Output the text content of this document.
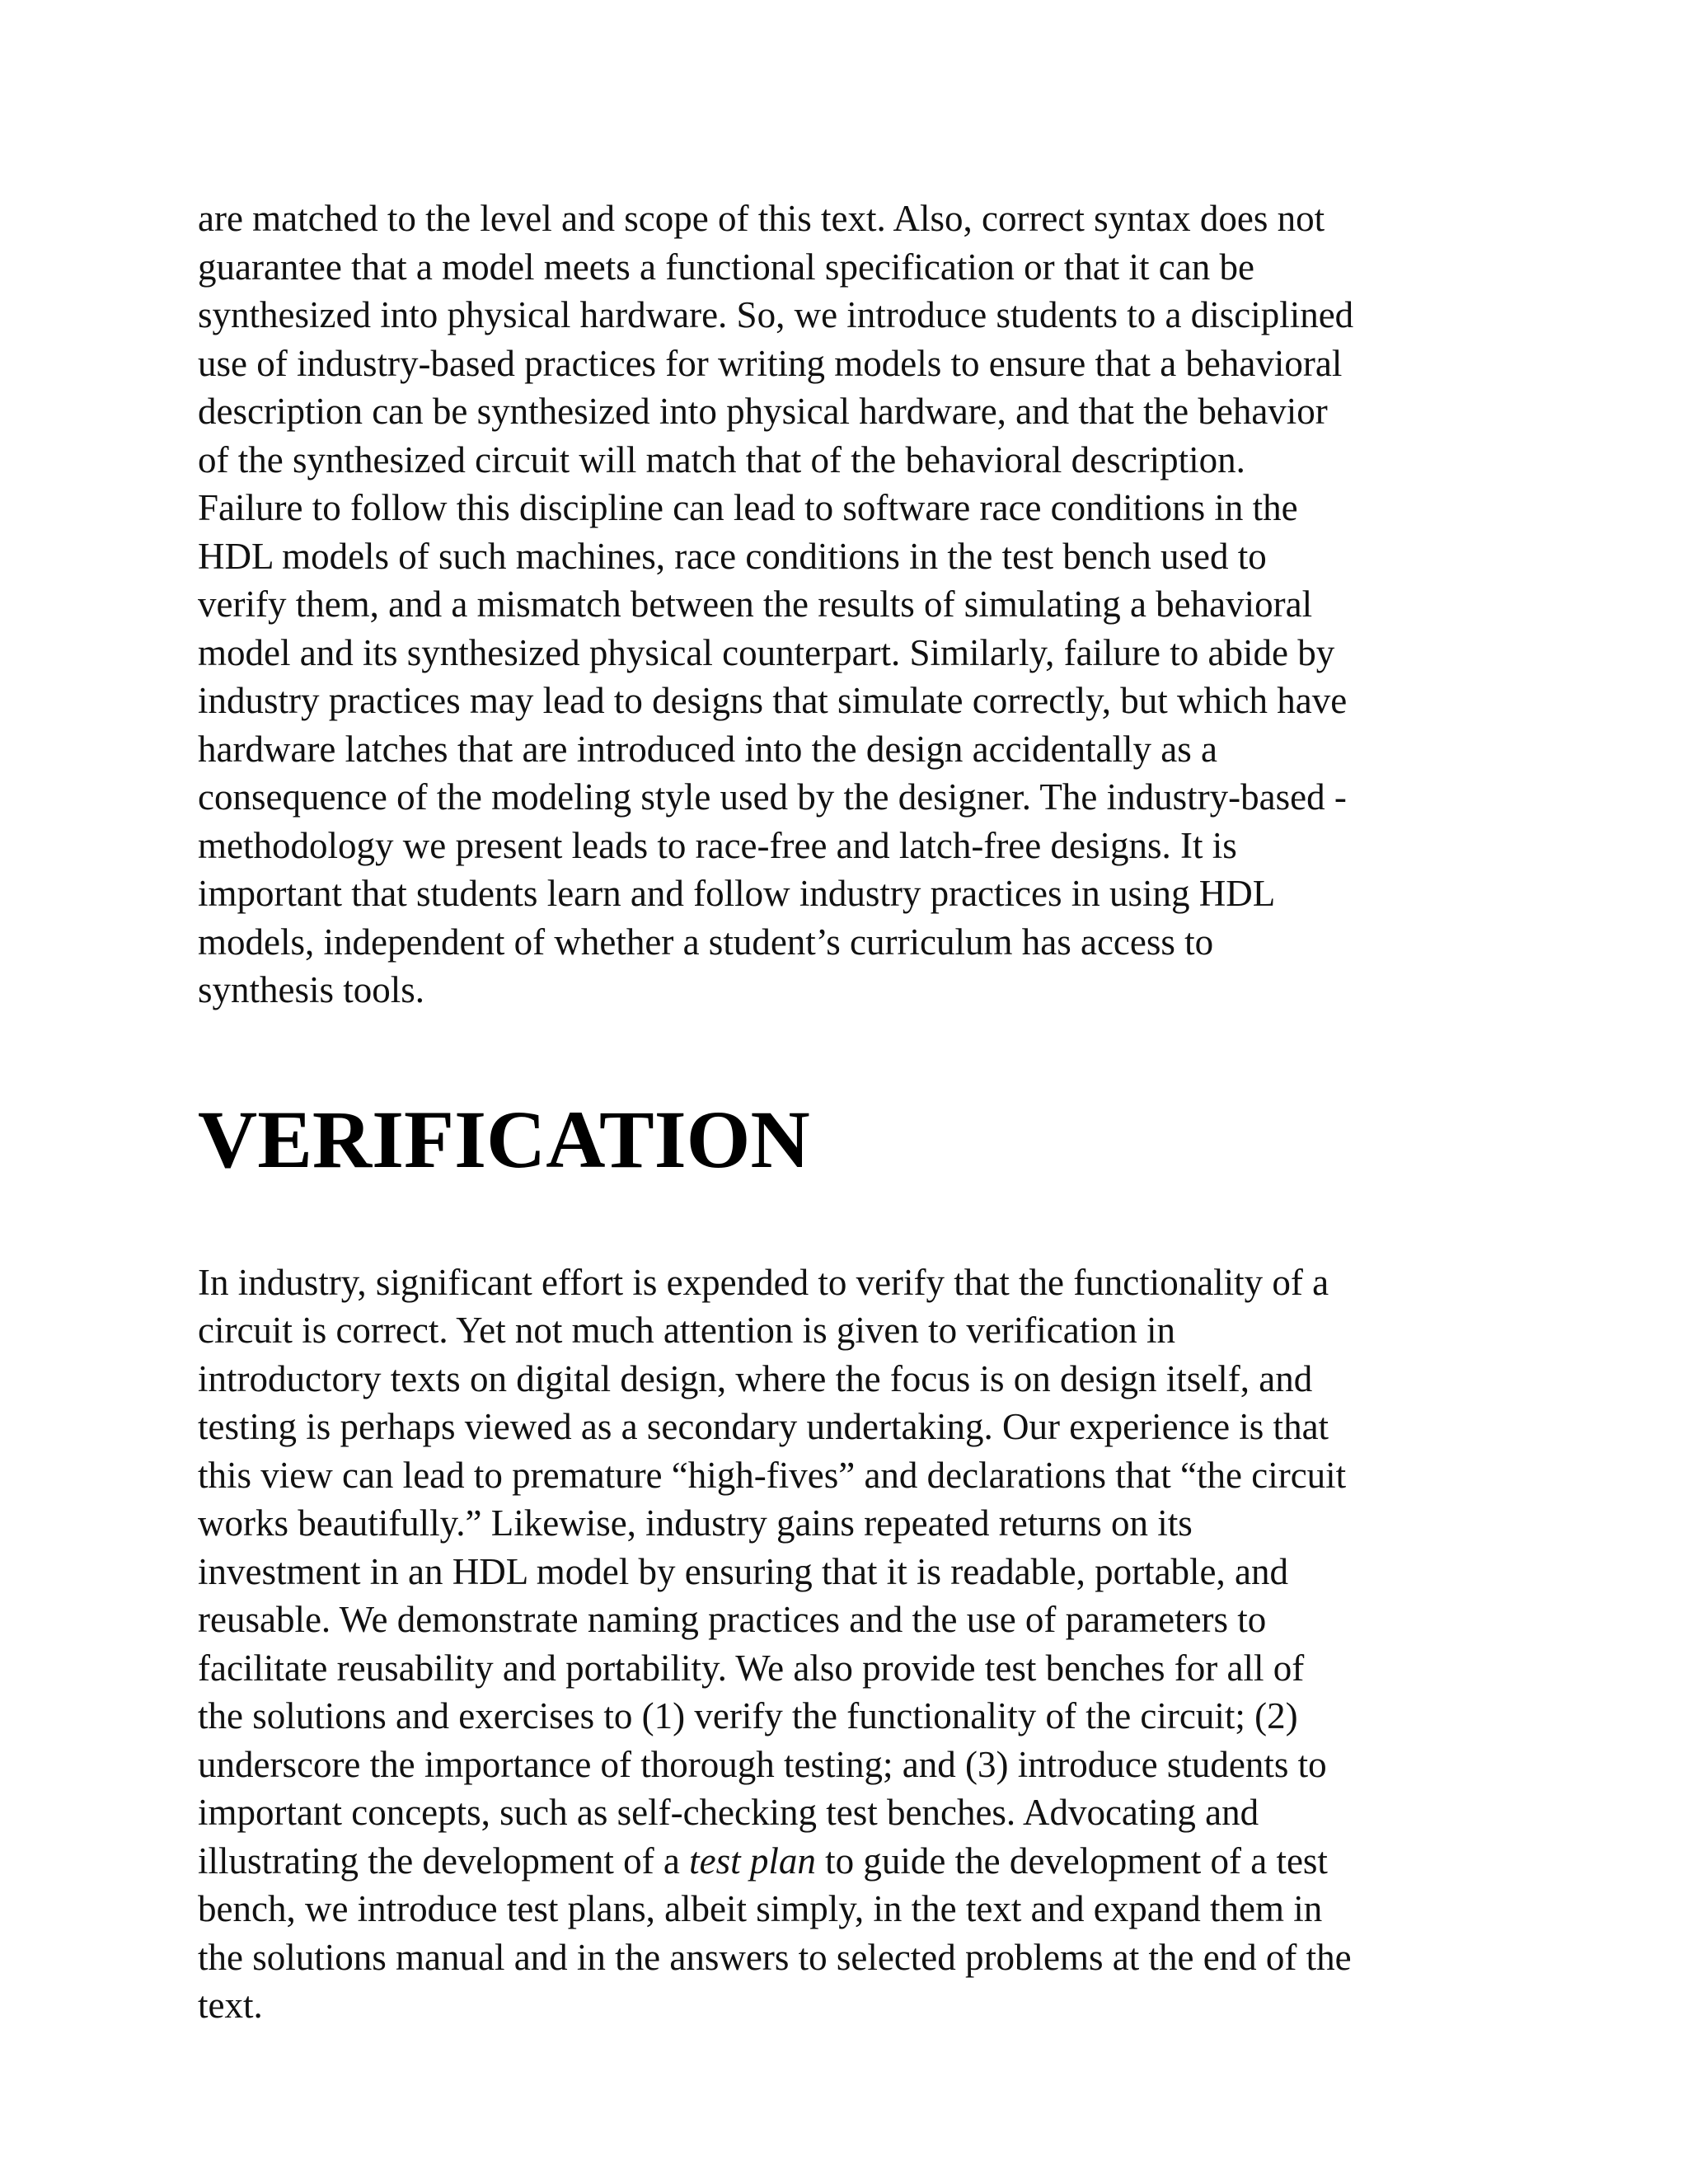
are matched to the level and scope of this text. Also, correct syntax does not
guarantee that a model meets a functional specification or that it can be
synthesized into physical hardware. So, we introduce students to a disciplined
use of industry-based practices for writing models to ensure that a behavioral
description can be synthesized into physical hardware, and that the behavior
of the synthesized circuit will match that of the behavioral description.
Failure to follow this discipline can lead to software race conditions in the
HDL models of such machines, race conditions in the test bench used to
verify them, and a mismatch between the results of simulating a behavioral
model and its synthesized physical counterpart. Similarly, failure to abide by
industry practices may lead to designs that simulate correctly, but which have
hardware latches that are introduced into the design accidentally as a
consequence of the modeling style used by the designer. The industry-based -
methodology we present leads to race-free and latch-free designs. It is
important that students learn and follow industry practices in using HDL
models, independent of whether a student’s curriculum has access to
synthesis tools.

VERIFICATION

In industry, significant effort is expended to verify that the functionality of a
circuit is correct. Yet not much attention is given to verification in
introductory texts on digital design, where the focus is on design itself, and
testing is perhaps viewed as a secondary undertaking. Our experience is that
this view can lead to premature “high-fives” and declarations that “the circuit
works beautifully.” Likewise, industry gains repeated returns on its
investment in an HDL model by ensuring that it is readable, portable, and
reusable. We demonstrate naming practices and the use of parameters to
facilitate reusability and portability. We also provide test benches for all of
the solutions and exercises to (1) verify the functionality of the circuit; (2)
underscore the importance of thorough testing; and (3) introduce students to
important concepts, such as self-checking test benches. Advocating and
illustrating the development of a test plan to guide the development of a test
bench, we introduce test plans, albeit simply, in the text and expand them in
the solutions manual and in the answers to selected problems at the end of the
text.
